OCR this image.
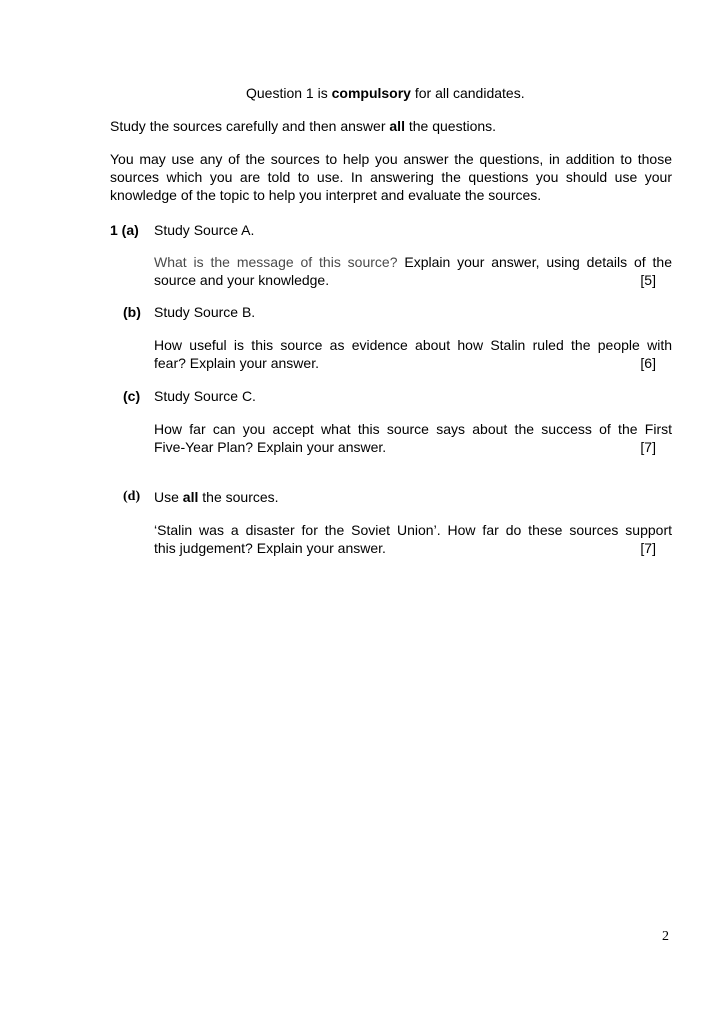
Question 1 is compulsory for all candidates.
Study the sources carefully and then answer all the questions.
You may use any of the sources to help you answer the questions, in addition to those sources which you are told to use. In answering the questions you should use your knowledge of the topic to help you interpret and evaluate the sources.
1 (a) Study Source A.
What is the message of this source? Explain your answer, using details of the
source and your knowledge.	[5]
(b) Study Source B.
How useful is this source as evidence about how Stalin ruled the people with
fear? Explain your answer.	[6]
(c) Study Source C.
How far can you accept what this source says about the success of the First
Five-Year Plan? Explain your answer.	[7]
(d) Use all the sources.
‘Stalin was a disaster for the Soviet Union’. How far do these sources support
this judgement? Explain your answer.	[7]
2
